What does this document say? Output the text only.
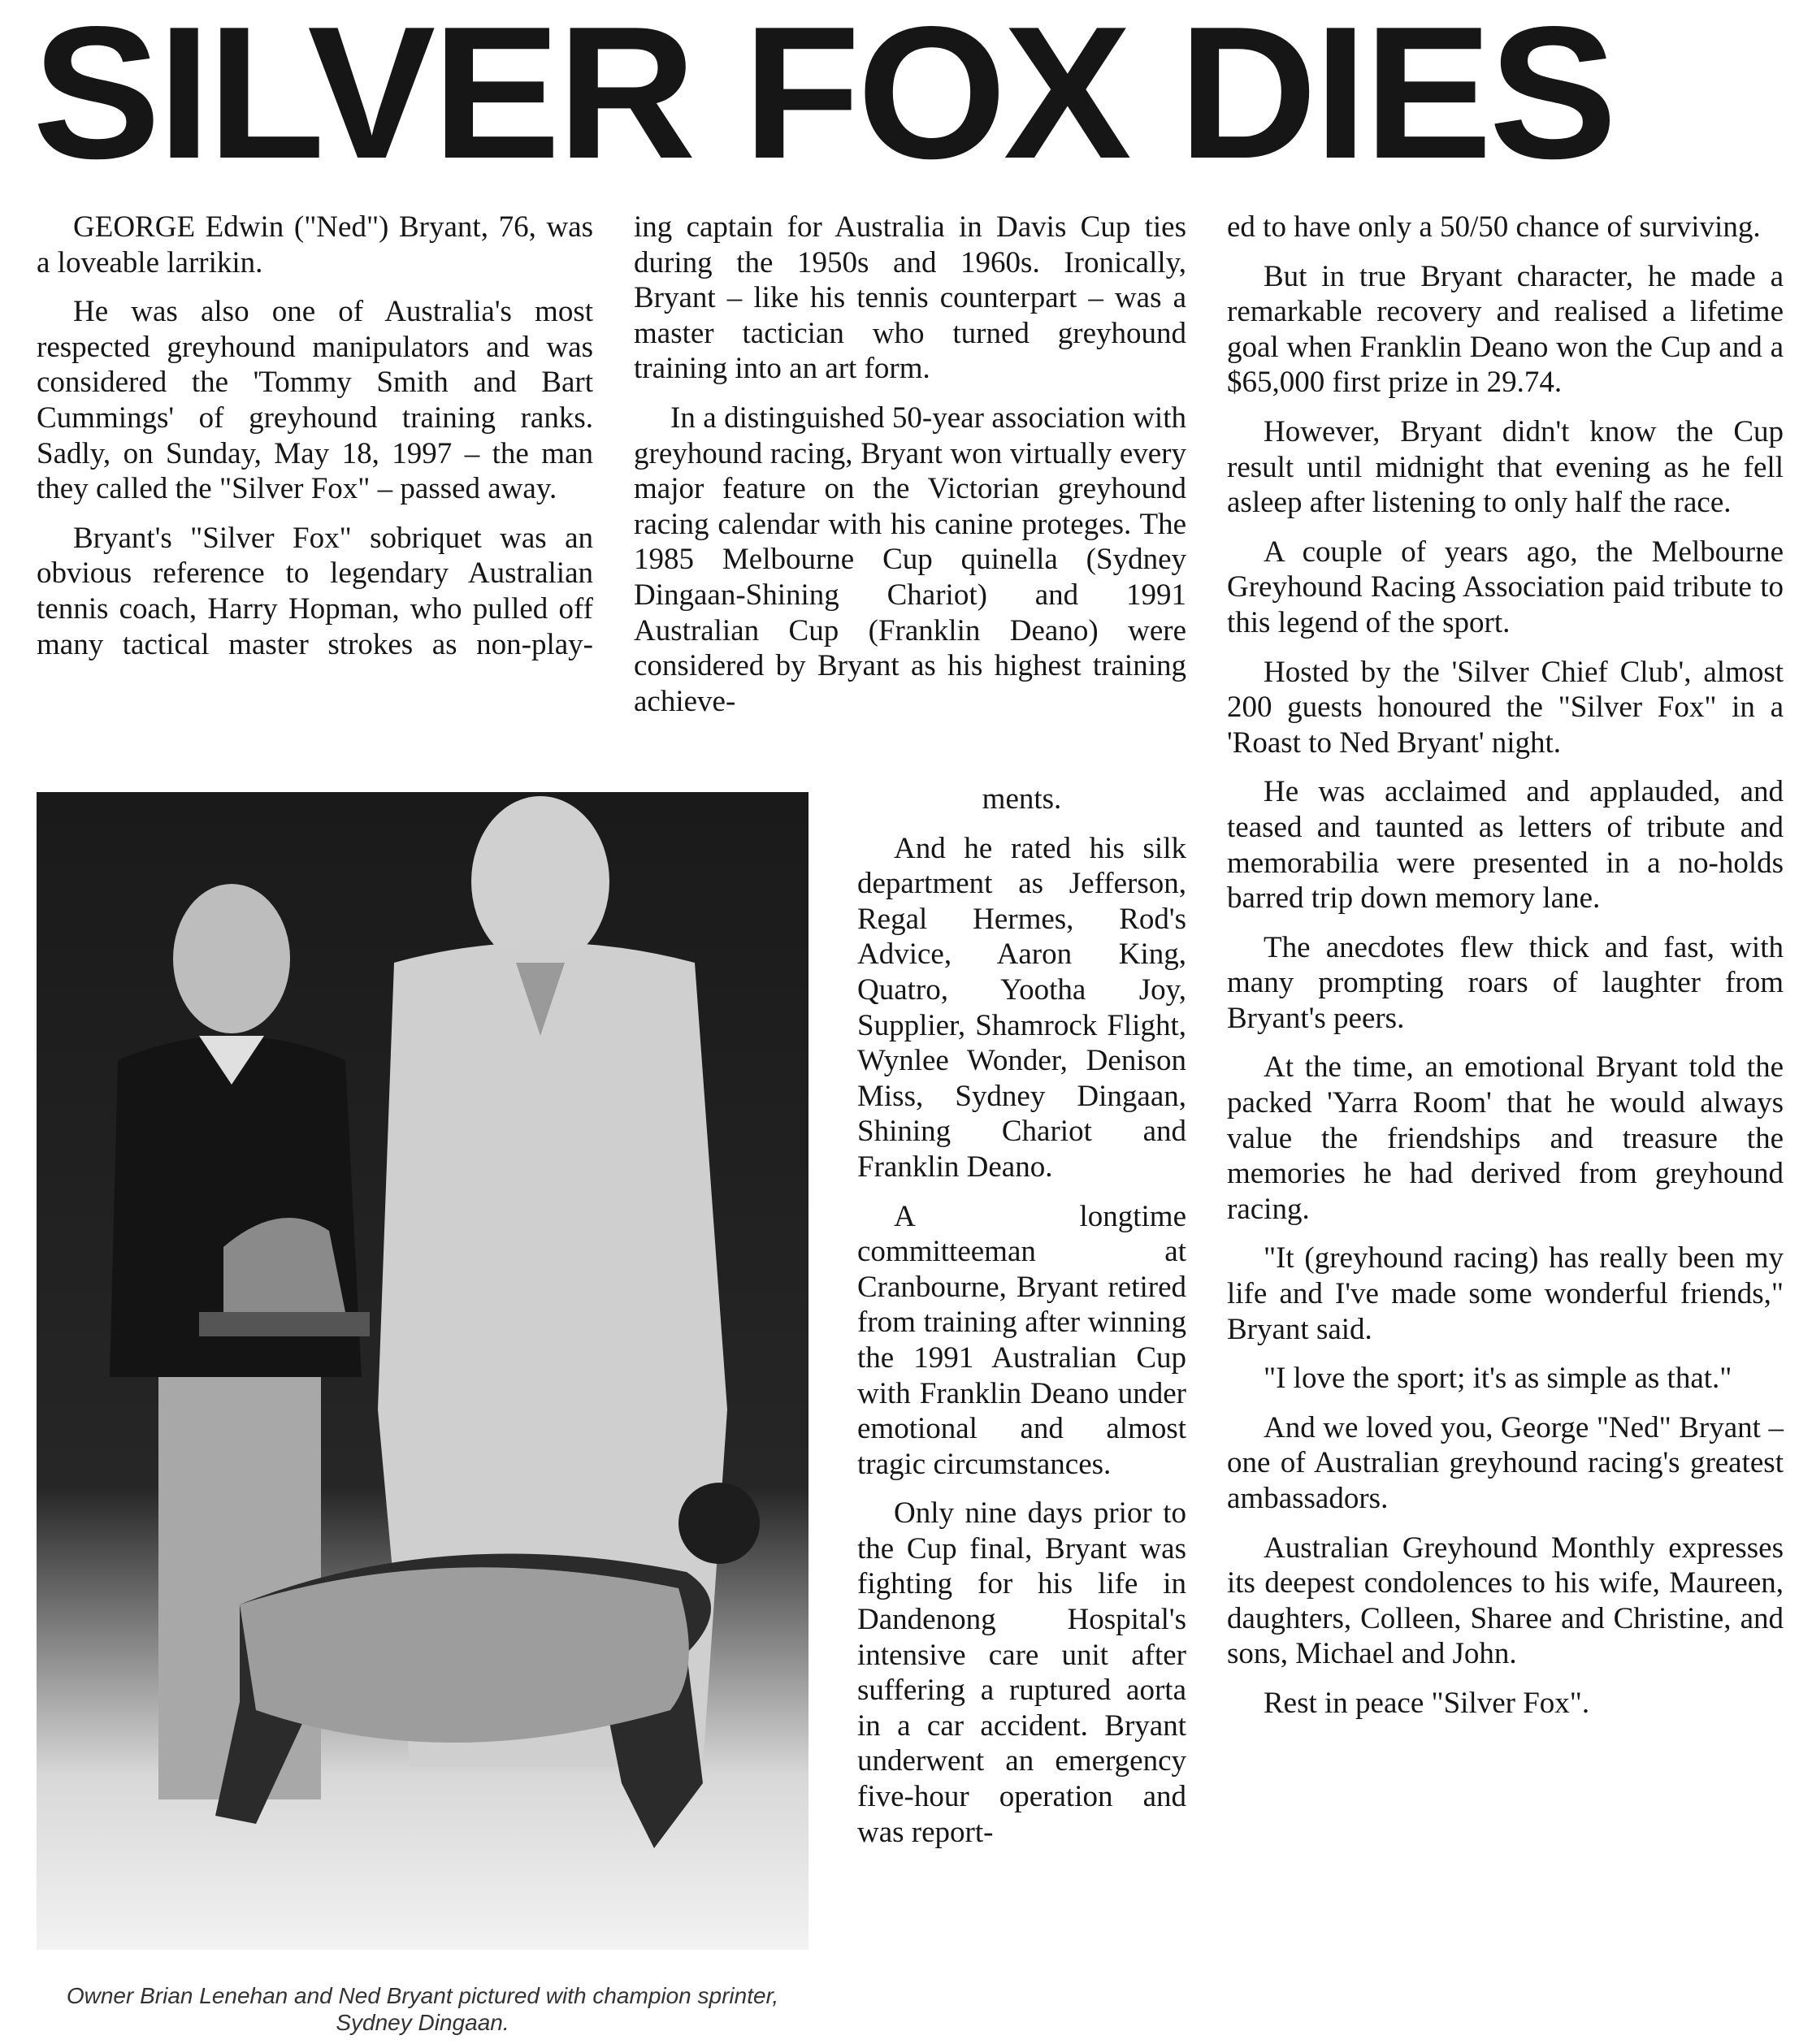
SILVER FOX DIES

GEORGE Edwin ("Ned") Bryant, 76, was a loveable larrikin.

He was also one of Australia's most respected greyhound manipulators and was considered the 'Tommy Smith and Bart Cummings' of greyhound training ranks. Sadly, on Sunday, May 18, 1997 – the man they called the "Silver Fox" – passed away.

Bryant's "Silver Fox" sobriquet was an obvious reference to legendary Australian tennis coach, Harry Hopman, who pulled off many tactical master strokes as non-play-

ing captain for Australia in Davis Cup ties during the 1950s and 1960s. Ironically, Bryant – like his tennis counterpart – was a master tactician who turned greyhound training into an art form.

In a distinguished 50-year association with greyhound racing, Bryant won virtually every major feature on the Victorian greyhound racing calendar with his canine proteges. The 1985 Melbourne Cup quinella (Sydney Dingaan-Shining Chariot) and 1991 Australian Cup (Franklin Deano) were considered by Bryant as his highest training achieve-

ments.

And he rated his silk department as Jefferson, Regal Hermes, Rod's Advice, Aaron King, Quatro, Yootha Joy, Supplier, Shamrock Flight, Wynlee Wonder, Denison Miss, Sydney Dingaan, Shining Chariot and Franklin Deano.

A longtime committeeman at Cranbourne, Bryant retired from training after winning the 1991 Australian Cup with Franklin Deano under emotional and almost tragic circumstances.

Only nine days prior to the Cup final, Bryant was fighting for his life in Dandenong Hospital's intensive care unit after suffering a ruptured aorta in a car accident. Bryant underwent an emergency five-hour operation and was report-

ed to have only a 50/50 chance of surviving.

But in true Bryant character, he made a remarkable recovery and realised a lifetime goal when Franklin Deano won the Cup and a $65,000 first prize in 29.74.

However, Bryant didn't know the Cup result until midnight that evening as he fell asleep after listening to only half the race.

A couple of years ago, the Melbourne Greyhound Racing Association paid tribute to this legend of the sport.

Hosted by the 'Silver Chief Club', almost 200 guests honoured the "Silver Fox" in a 'Roast to Ned Bryant' night.

He was acclaimed and applauded, and teased and taunted as letters of tribute and memorabilia were presented in a no-holds barred trip down memory lane.

The anecdotes flew thick and fast, with many prompting roars of laughter from Bryant's peers.

At the time, an emotional Bryant told the packed 'Yarra Room' that he would always value the friendships and treasure the memories he had derived from greyhound racing.

"It (greyhound racing) has really been my life and I've made some wonderful friends," Bryant said.

"I love the sport; it's as simple as that."

And we loved you, George "Ned" Bryant – one of Australian greyhound racing's greatest ambassadors.

Australian Greyhound Monthly expresses its deepest condolences to his wife, Maureen, daughters, Colleen, Sharee and Christine, and sons, Michael and John.

Rest in peace "Silver Fox".

Owner Brian Lenehan and Ned Bryant pictured with champion sprinter, Sydney Dingaan.
